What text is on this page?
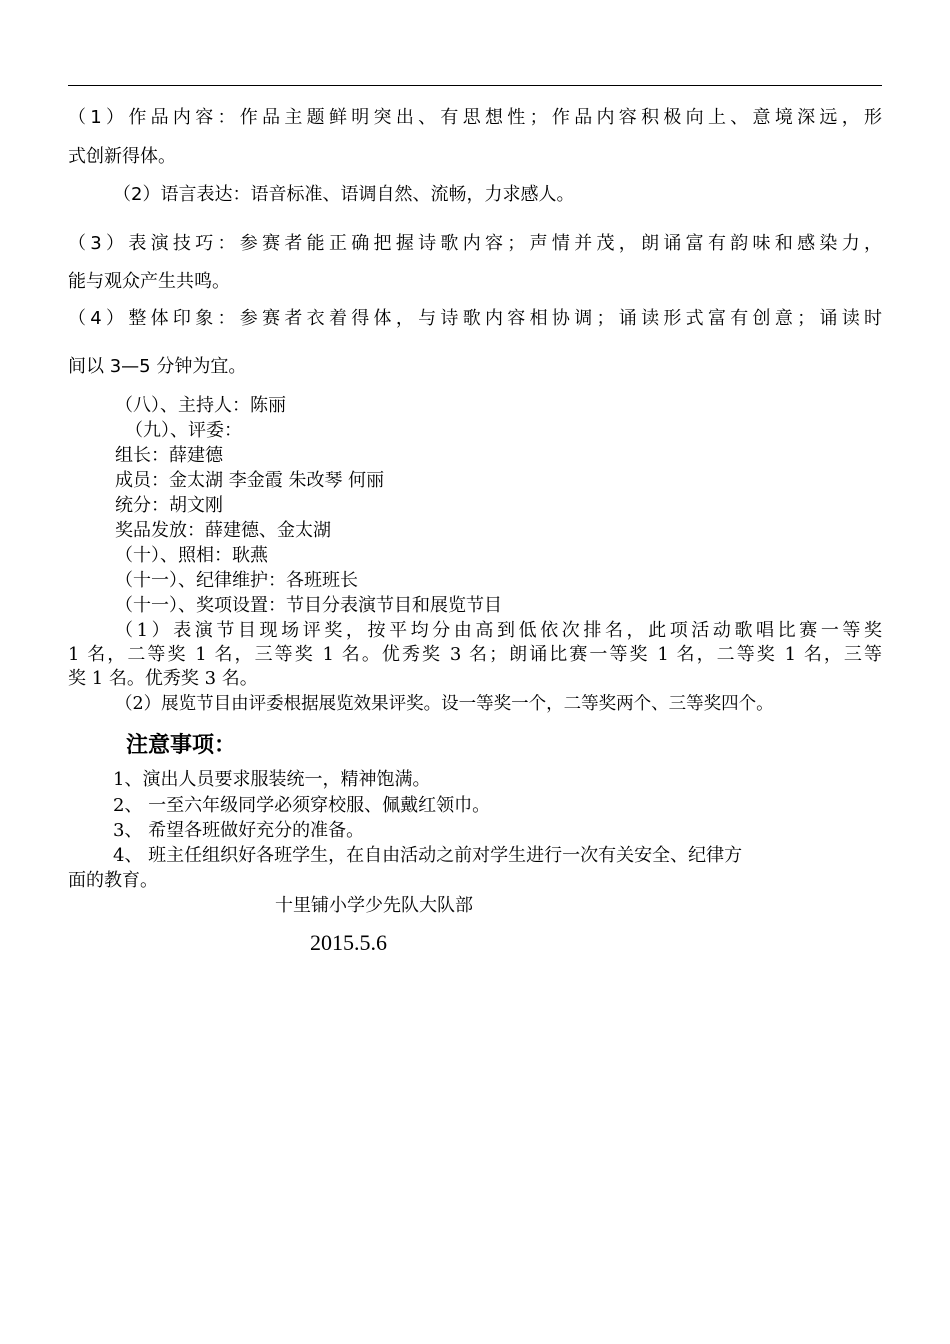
（1）作品内容：作品主题鲜明突出、有思想性；作品内容积极向上、意境深远，形
式创新得体。
（2）语言表达：语音标准、语调自然、流畅，力求感人。
（3）表演技巧：参赛者能正确把握诗歌内容；声情并茂，朗诵富有韵味和感染力，
能与观众产生共鸣。
（4）整体印象：参赛者衣着得体，与诗歌内容相协调；诵读形式富有创意；诵读时
间以 3—5 分钟为宜。
（八）、主持人：陈丽
（九）、评委：
组长：薛建德
成员：金太湖 李金霞 朱改琴 何丽
统分：胡文刚
奖品发放：薛建德、金太湖
（十）、照相：耿燕
（十一）、纪律维护：各班班长
（十一）、奖项设置：节目分表演节目和展览节目
（1）表演节目现场评奖，按平均分由高到低依次排名，此项活动歌唱比赛一等奖
1 名，二等奖 1 名，三等奖 1 名。优秀奖 3 名；朗诵比赛一等奖 1 名，二等奖 1 名，三等
奖 1 名。优秀奖 3 名。
（2）展览节目由评委根据展览效果评奖。设一等奖一个，二等奖两个、三等奖四个。
注意事项：
1、演出人员要求服装统一，精神饱满。
2、 一至六年级同学必须穿校服、佩戴红领巾。
3、 希望各班做好充分的准备。
4、 班主任组织好各班学生，在自由活动之前对学生进行一次有关安全、纪律方
面的教育。
十里铺小学少先队大队部
2015.5.6
